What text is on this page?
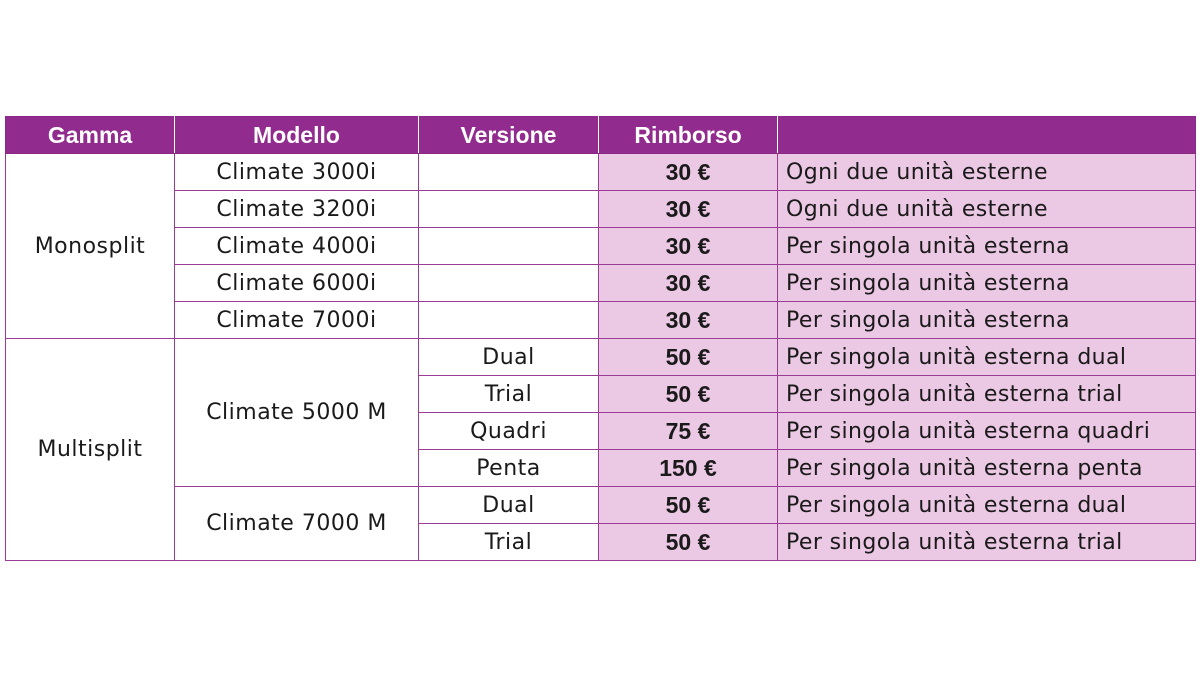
Gamma	Modello	Versione	Rimborso	
Monosplit	Climate 3000i		30 €	Ogni due unità esterne
	Climate 3200i		30 €	Ogni due unità esterne
	Climate 4000i		30 €	Per singola unità esterna
	Climate 6000i		30 €	Per singola unità esterna
	Climate 7000i		30 €	Per singola unità esterna
Multisplit	Climate 5000 M	Dual	50 €	Per singola unità esterna dual
		Trial	50 €	Per singola unità esterna trial
		Quadri	75 €	Per singola unità esterna quadri
		Penta	150 €	Per singola unità esterna penta
	Climate 7000 M	Dual	50 €	Per singola unità esterna dual
		Trial	50 €	Per singola unità esterna trial
